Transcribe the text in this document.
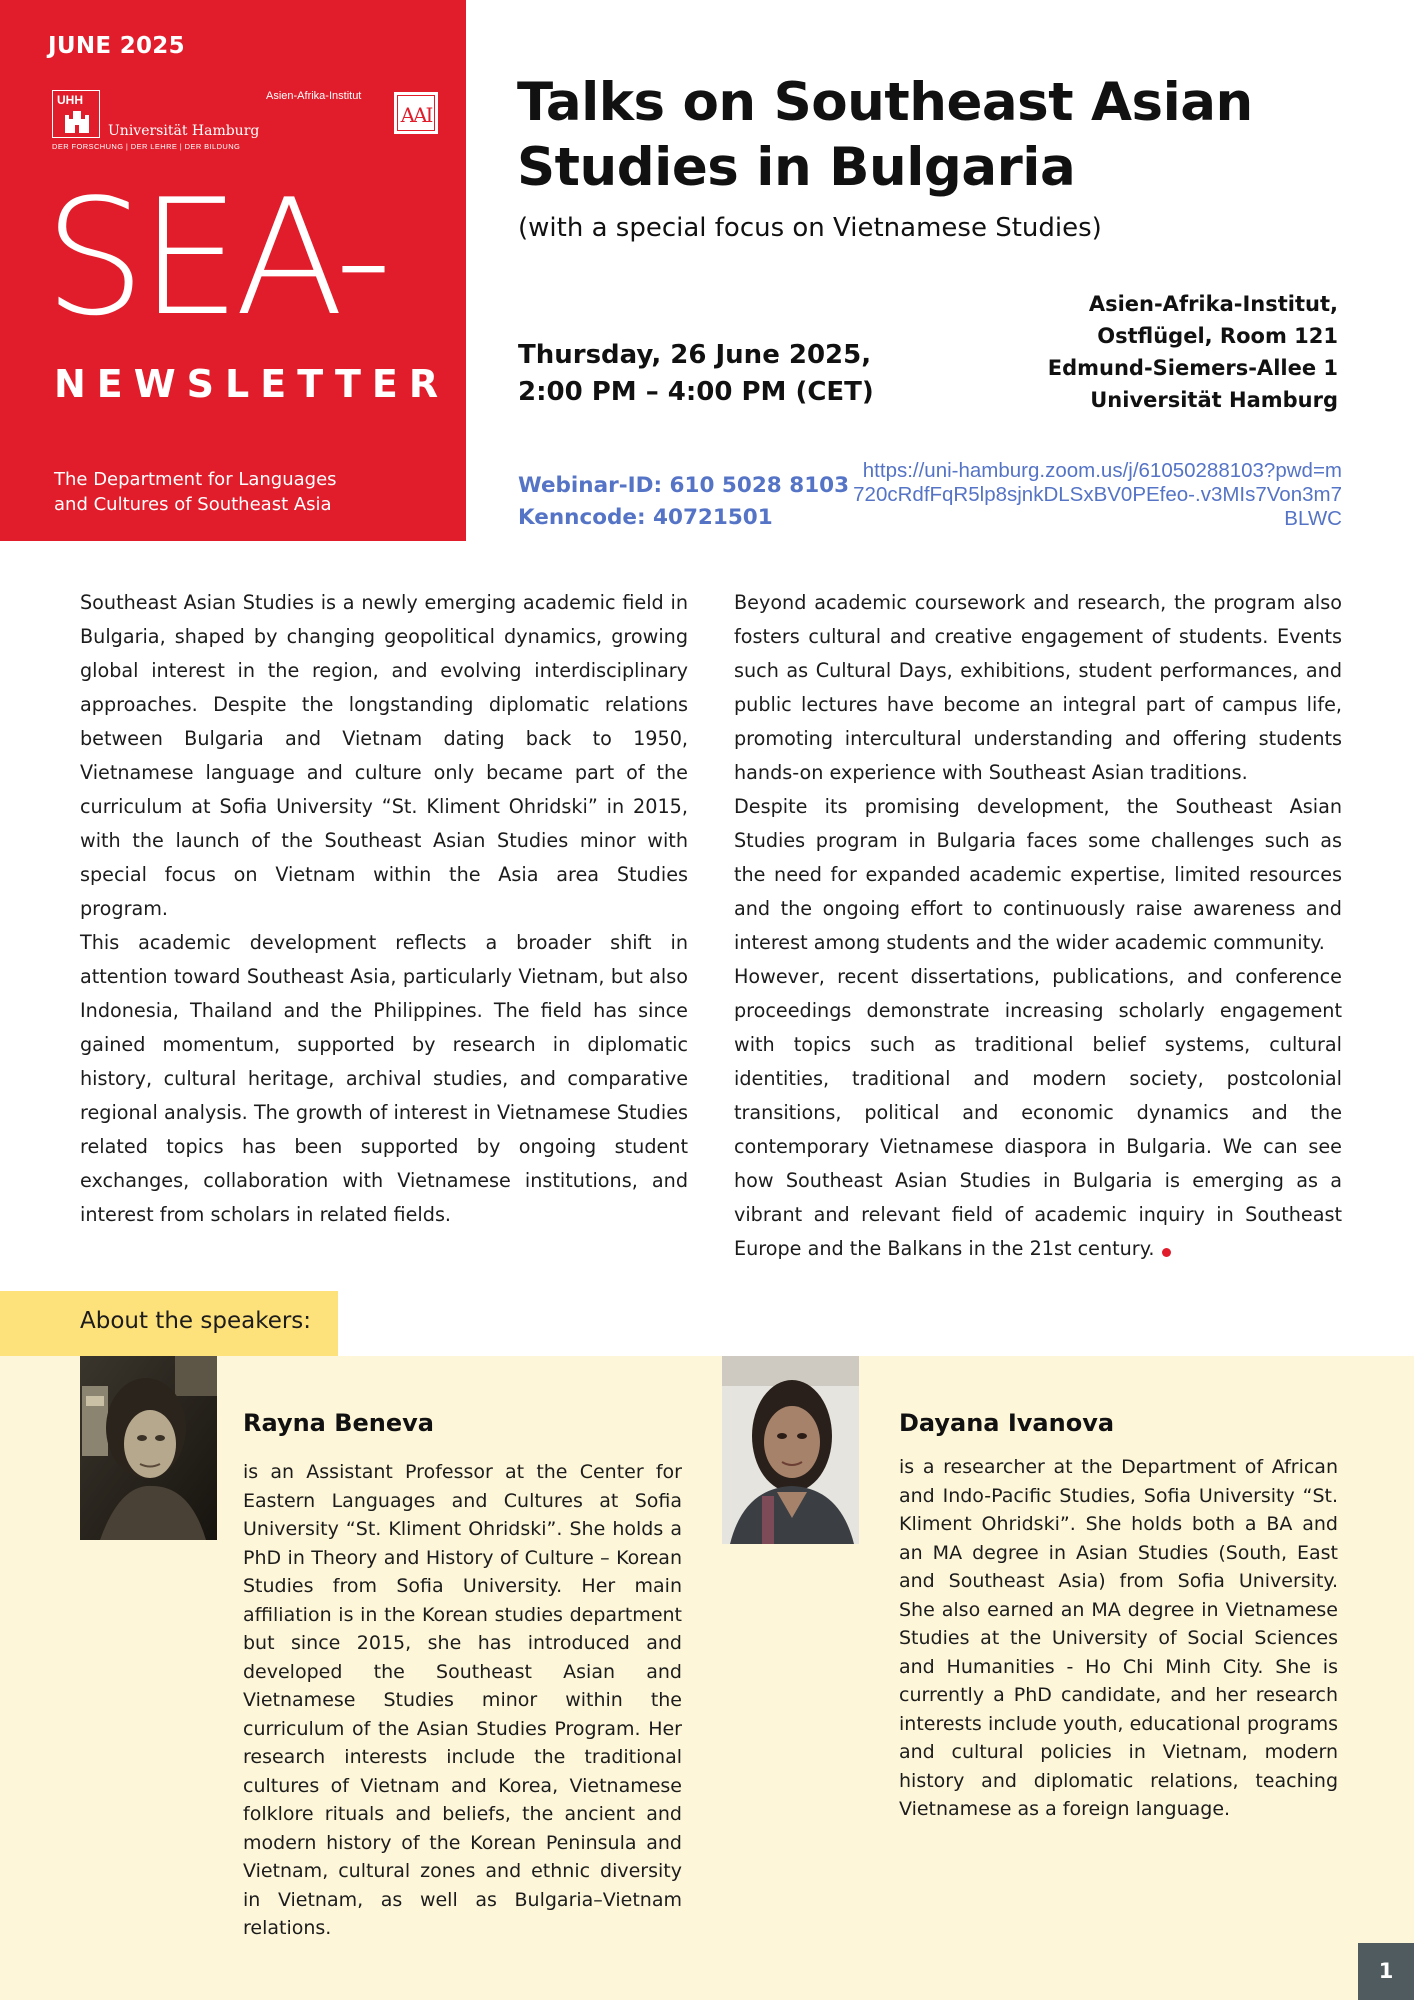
JUNE 2025
UHH
Universität Hamburg
DER FORSCHUNG | DER LEHRE | DER BILDUNG
Asien-Afrika-Institut
AAI
SEA-
NEWSLETTER
The Department for Languages
and Cultures of Southeast Asia
Talks on Southeast Asian
Studies in Bulgaria
(with a special focus on Vietnamese Studies)
Thursday, 26 June 2025,
2:00 PM – 4:00 PM (CET)
Asien-Afrika-Institut,
Ostflügel, Room 121
Edmund-Siemers-Allee 1
Universität Hamburg
Webinar-ID: 610 5028 8103
Kenncode: 40721501
https://uni-hamburg.zoom.us/j/61050288103?pwd=m720cRdfFqR5lp8sjnkDLSxBV0PEfeo-.v3MIs7Von3m7BLWC

Southeast Asian Studies is a newly emerging academic field in Bulgaria, shaped by changing geopolitical dynamics, growing global interest in the region, and evolving interdisciplinary approaches. Despite the longstanding diplomatic relations between Bulgaria and Vietnam dating back to 1950, Vietnamese language and culture only became part of the curriculum at Sofia University “St. Kliment Ohridski” in 2015, with the launch of the Southeast Asian Studies minor with special focus on Vietnam within the Asia area Studies program.

This academic development reflects a broader shift in attention toward Southeast Asia, particularly Vietnam, but also Indonesia, Thailand and the Philippines. The field has since gained momentum, supported by research in diplomatic history, cultural heritage, archival studies, and comparative regional analysis. The growth of interest in Vietnamese Studies related topics has been supported by ongoing student exchanges, collaboration with Vietnamese institutions, and interest from scholars in related fields.

Beyond academic coursework and research, the program also fosters cultural and creative engagement of students. Events such as Cultural Days, exhibitions, student performances, and public lectures have become an integral part of campus life, promoting intercultural understanding and offering students hands-on experience with Southeast Asian traditions.

Despite its promising development, the Southeast Asian Studies program in Bulgaria faces some challenges such as the need for expanded academic expertise, limited resources and the ongoing effort to continuously raise awareness and interest among students and the wider academic community.

However, recent dissertations, publications, and conference proceedings demonstrate increasing scholarly engagement with topics such as traditional belief systems, cultural identities, traditional and modern society, postcolonial transitions, political and economic dynamics and the contemporary Vietnamese diaspora in Bulgaria. We can see how Southeast Asian Studies in Bulgaria is emerging as a vibrant and relevant field of academic inquiry in Southeast Europe and the Balkans in the 21st century.

About the speakers:
Rayna Beneva
is an Assistant Professor at the Center for Eastern Languages and Cultures at Sofia University “St. Kliment Ohridski”. She holds a PhD in Theory and History of Culture – Korean Studies from Sofia University. Her main affiliation is in the Korean studies department but since 2015, she has introduced and developed the Southeast Asian and Vietnamese Studies minor within the curriculum of the Asian Studies Program. Her research interests include the traditional cultures of Vietnam and Korea, Vietnamese folklore rituals and beliefs, the ancient and modern history of the Korean Peninsula and Vietnam, cultural zones and ethnic diversity in Vietnam, as well as Bulgaria–Vietnam relations.
Dayana Ivanova
is a researcher at the Department of African and Indo-Pacific Studies, Sofia University “St. Kliment Ohridski”. She holds both a BA and an MA degree in Asian Studies (South, East and Southeast Asia) from Sofia University. She also earned an MA degree in Vietnamese Studies at the University of Social Sciences and Humanities - Ho Chi Minh City. She is currently a PhD candidate, and her research interests include youth, educational programs and cultural policies in Vietnam, modern history and diplomatic relations, teaching Vietnamese as a foreign language.
1
